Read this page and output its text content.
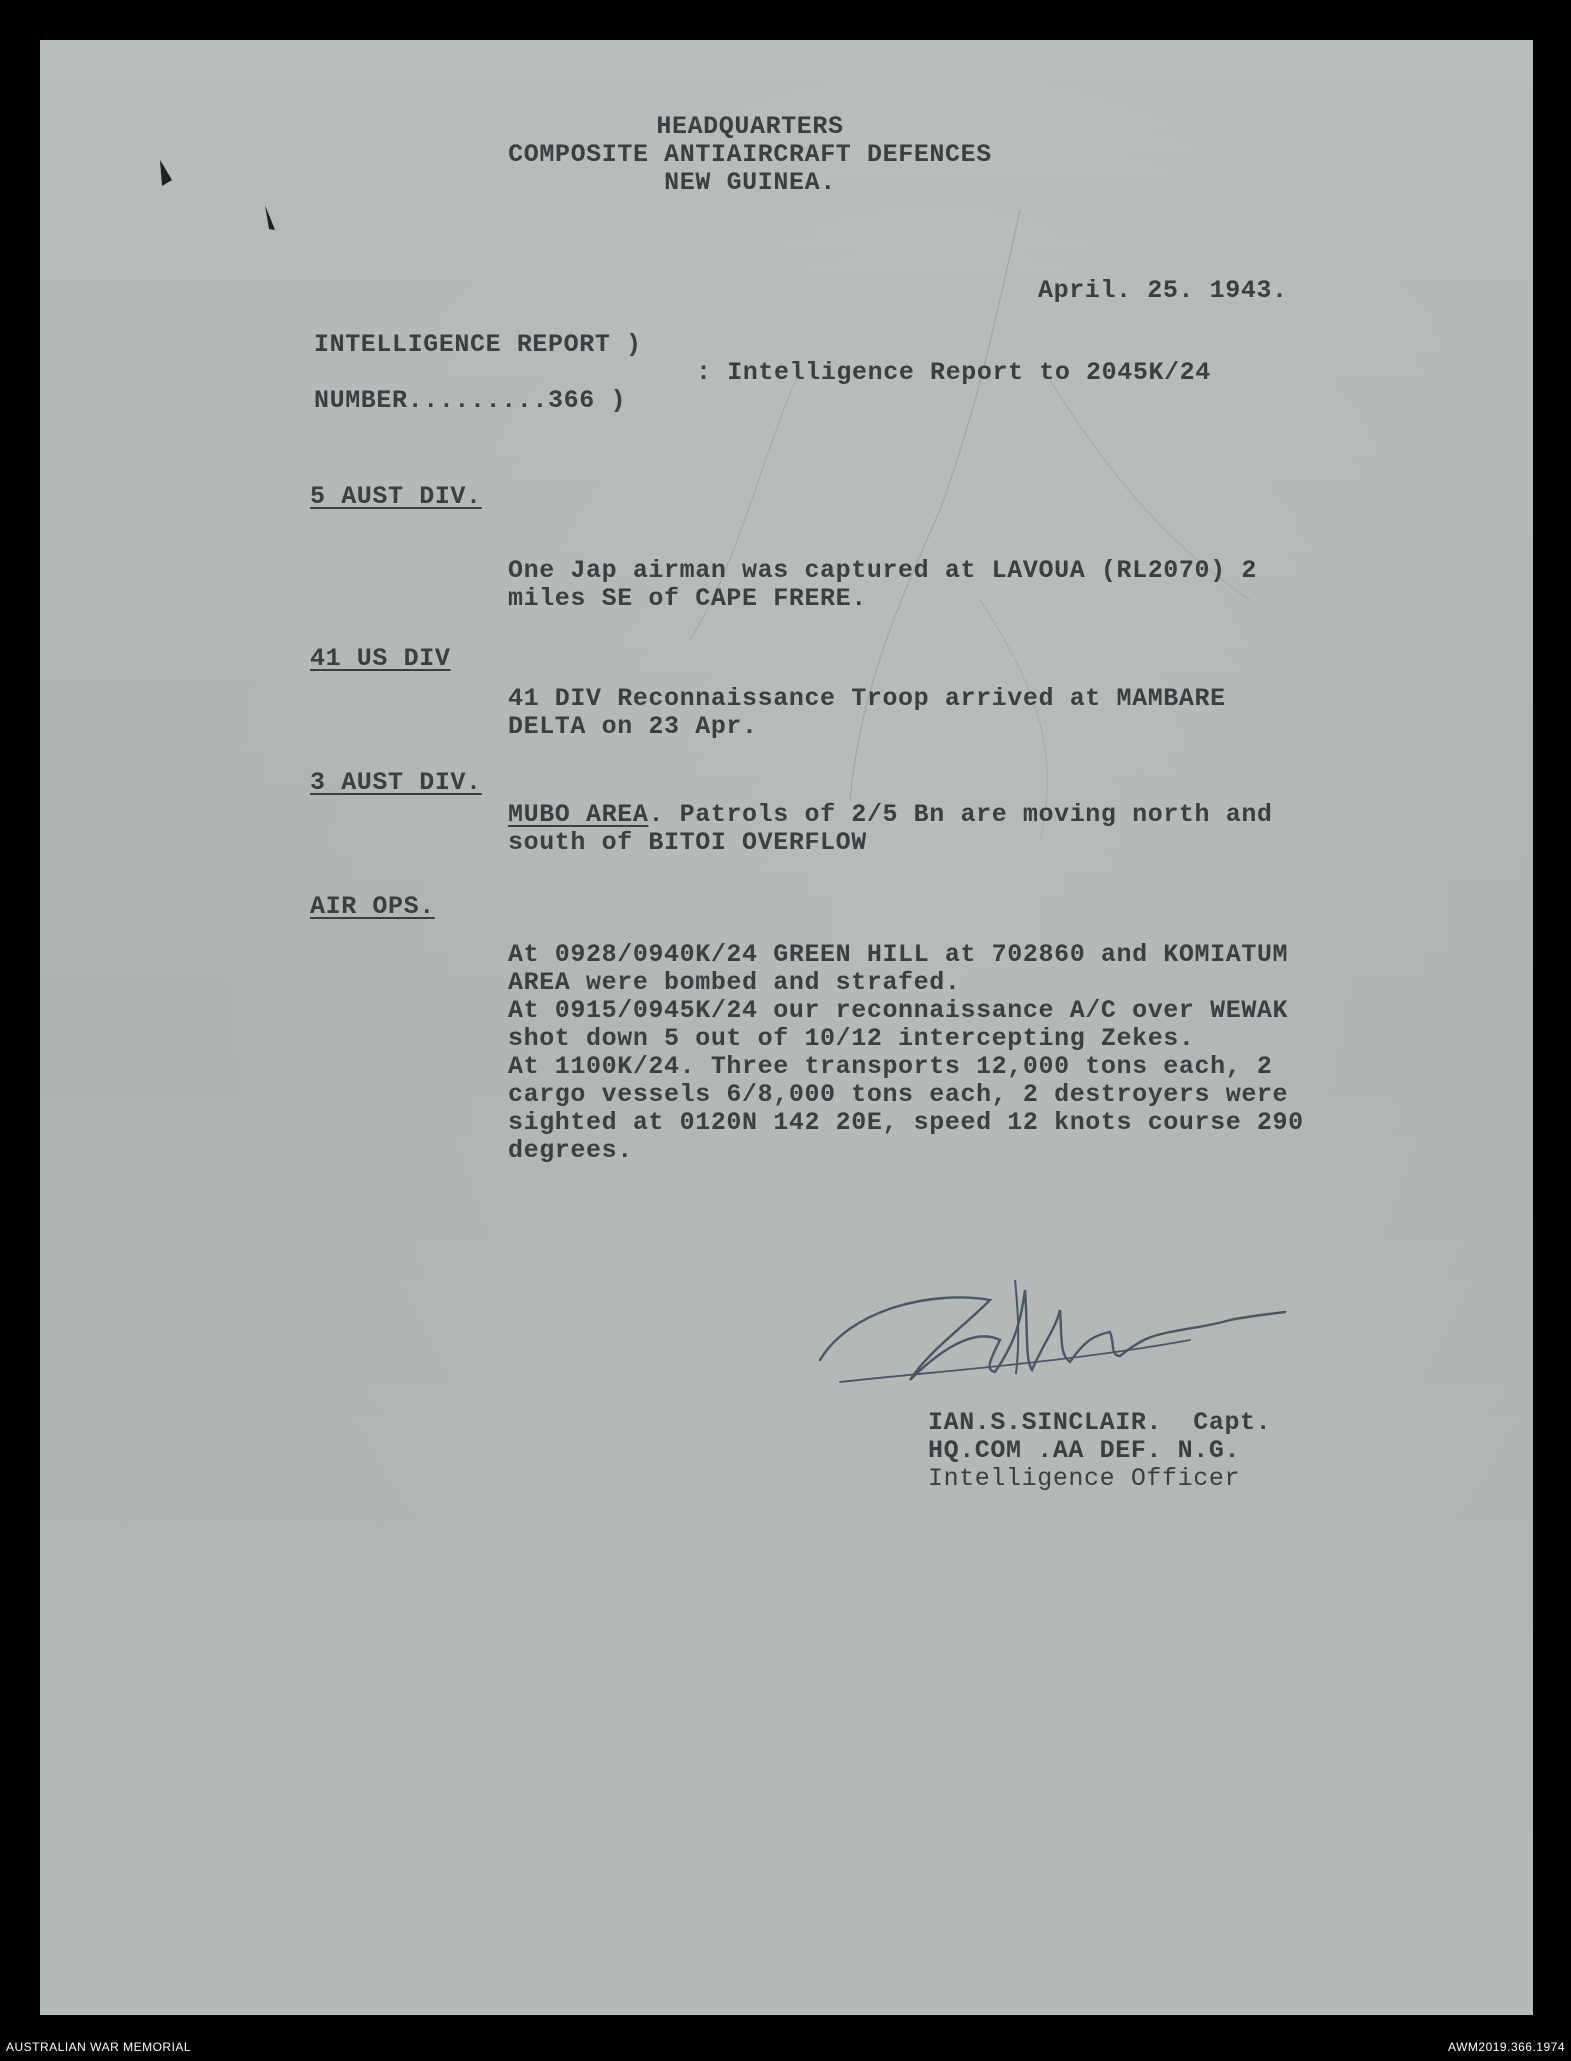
HEADQUARTERS
COMPOSITE ANTIAIRCRAFT DEFENCES
NEW GUINEA.
April. 25. 1943.
INTELLIGENCE REPORT )
NUMBER.........366 )
: Intelligence Report to 2045K/24
5 AUST DIV.
One Jap airman was captured at LAVOUA (RL2070) 2
miles SE of CAPE FRERE.
41 US DIV
41 DIV Reconnaissance Troop arrived at MAMBARE
DELTA on 23 Apr.
3 AUST DIV.
MUBO AREA. Patrols of 2/5 Bn are moving north and
south of BITOI OVERFLOW
AIR OPS.
At 0928/0940K/24 GREEN HILL at 702860 and KOMIATUM
AREA were bombed and strafed.
At 0915/0945K/24 our reconnaissance A/C over WEWAK
shot down 5 out of 10/12 intercepting Zekes.
At 1100K/24. Three transports 12,000 tons each, 2
cargo vessels 6/8,000 tons each, 2 destroyers were
sighted at 0120N 142 20E, speed 12 knots course 290
degrees.
IAN.S.SINCLAIR.  Capt.
HQ.COM .AA DEF. N.G.
Intelligence Officer
AUSTRALIAN WAR MEMORIAL	AWM2019.366.1974
